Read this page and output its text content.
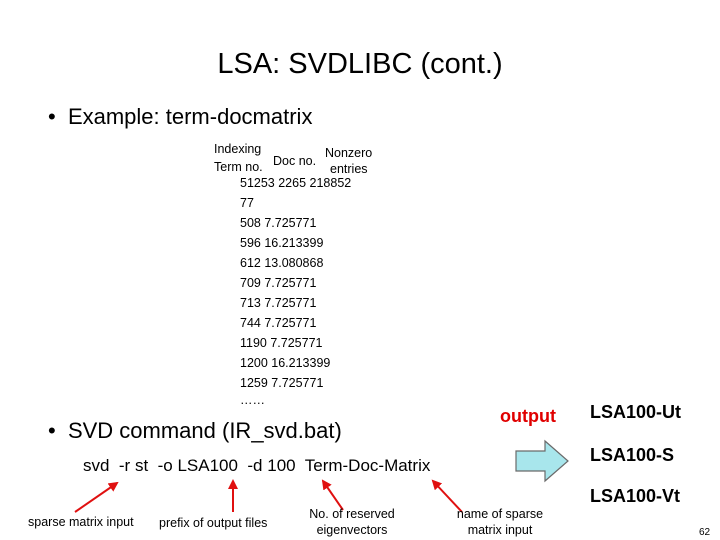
LSA: SVDLIBC (cont.)
• Example: term-docmatrix
Indexing
Term no. Doc no.
Nonzero
entries
51253 2265 218852
77
508 7.725771
596 16.213399
612 13.080868
709 7.725771
713 7.725771
744 7.725771
1190 7.725771
1200 16.213399
1259 7.725771
……
• SVD command (IR_svd.bat)
output LSA100-Ut
LSA100-S
LSA100-Vt
svd  -r st  -o LSA100  -d 100  Term-Doc-Matrix
sparse matrix input prefix of output files
No. of reserved
eigenvectors
name of sparse
matrix input	62
